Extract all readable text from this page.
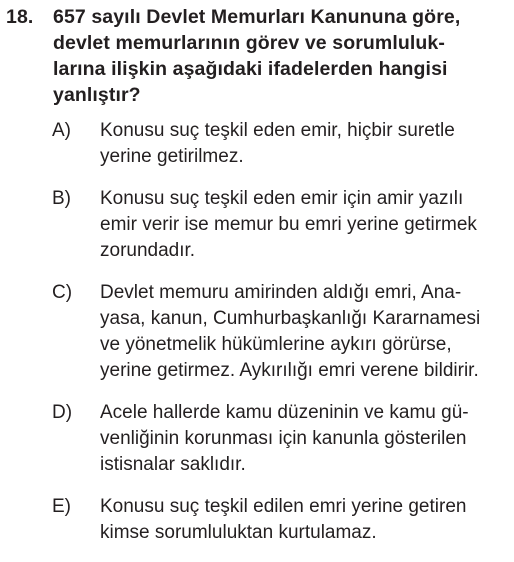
18.	657 sayılı Devlet Memurları Kanununa göre,
devlet memurlarının görev ve sorumluluk-
larına ilişkin aşağıdaki ifadelerden hangisi
yanlıştır?
A)	Konusu suç teşkil eden emir, hiçbir suretle
yerine getirilmez.
B)	Konusu suç teşkil eden emir için amir yazılı
emir verir ise memur bu emri yerine getirmek
zorundadır.
C)	Devlet memuru amirinden aldığı emri, Ana-
yasa, kanun, Cumhurbaşkanlığı Kararnamesi
ve yönetmelik hükümlerine aykırı görürse,
yerine getirmez. Aykırılığı emri verene bildirir.
D)	Acele hallerde kamu düzeninin ve kamu gü-
venliğinin korunması için kanunla gösterilen
istisnalar saklıdır.
E)	Konusu suç teşkil edilen emri yerine getiren
kimse sorumluluktan kurtulamaz.
